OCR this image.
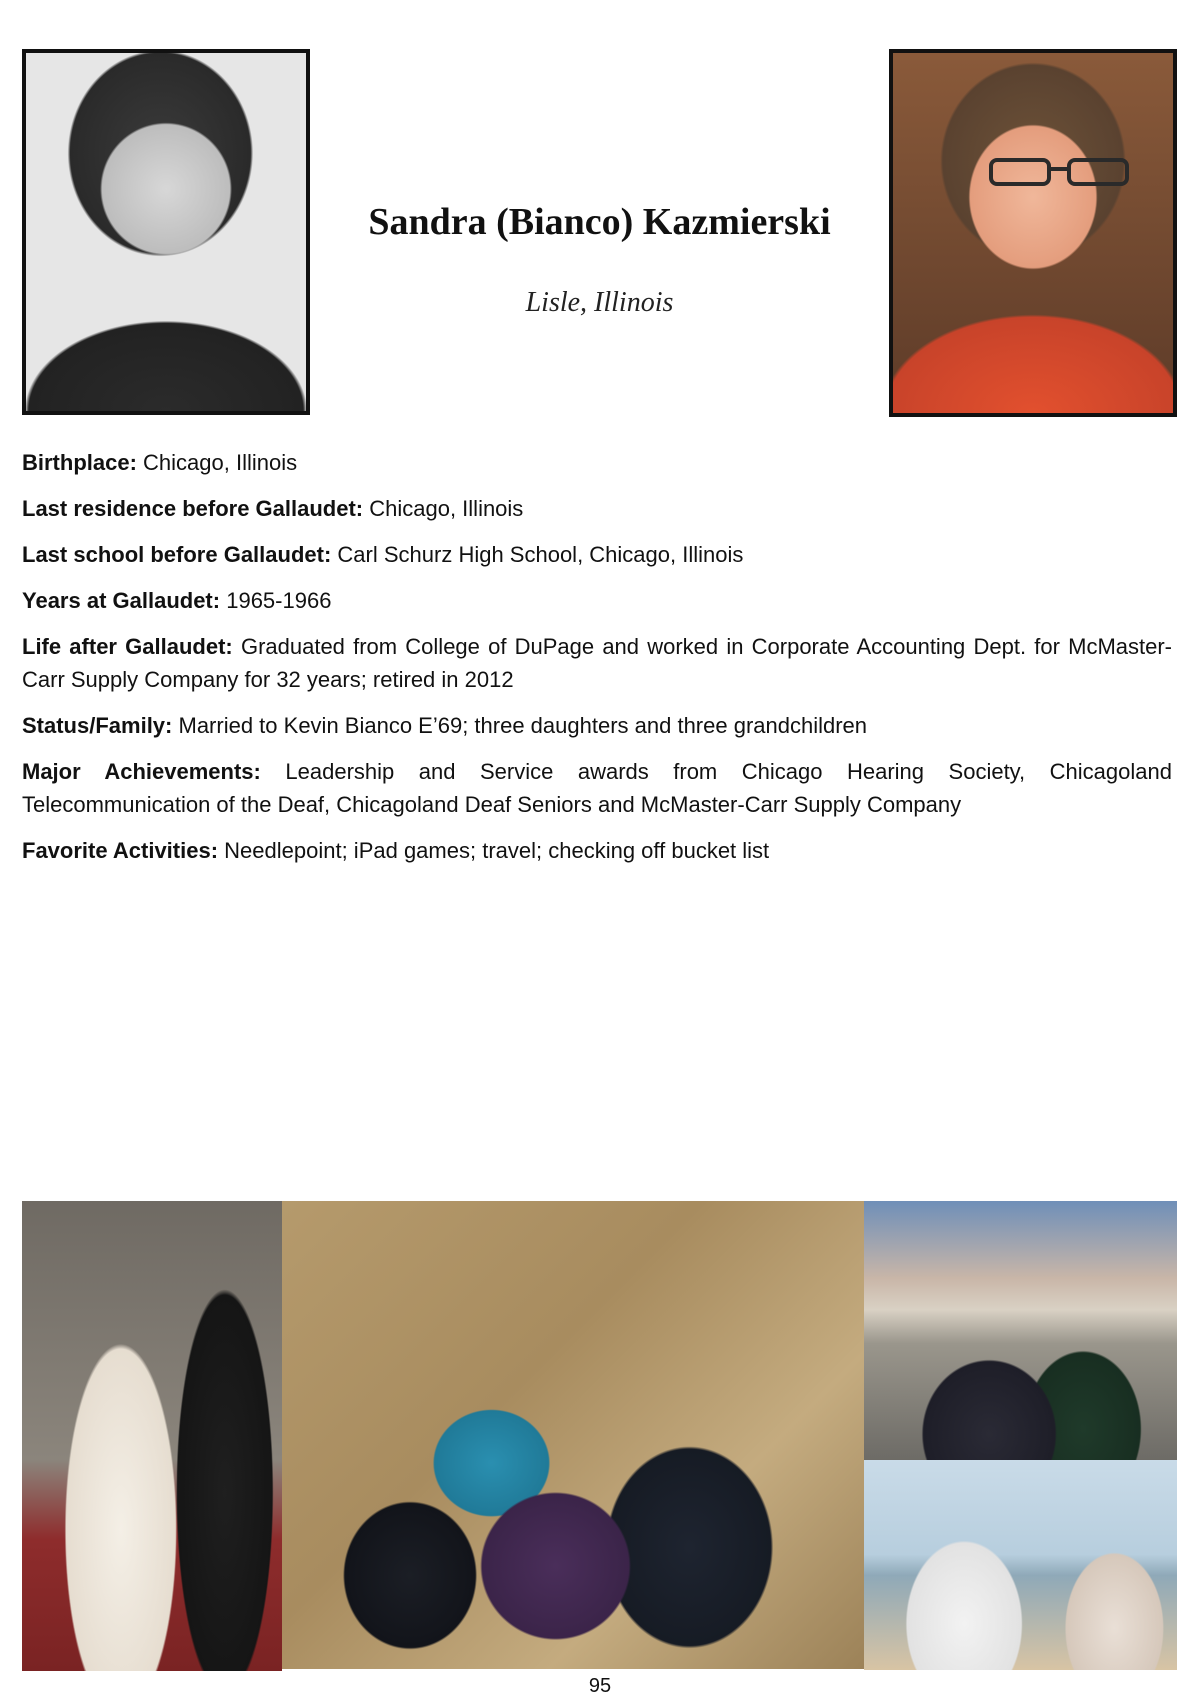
Sandra (Bianco) Kazmierski
Lisle, Illinois

Birthplace: Chicago, Illinois

Last residence before Gallaudet: Chicago, Illinois

Last school before Gallaudet: Carl Schurz High School, Chicago, Illinois

Years at Gallaudet: 1965-1966

Life after Gallaudet: Graduated from College of DuPage and worked in Corporate Accounting Dept. for McMaster-Carr Supply Company for 32 years; retired in 2012

Status/Family: Married to Kevin Bianco E’69; three daughters and three grandchildren

Major Achievements: Leadership and Service awards from Chicago Hearing Society, Chicagoland Telecommunication of the Deaf, Chicagoland Deaf Seniors and McMaster-Carr Supply Company

Favorite Activities: Needlepoint; iPad games; travel; checking off bucket list

95
